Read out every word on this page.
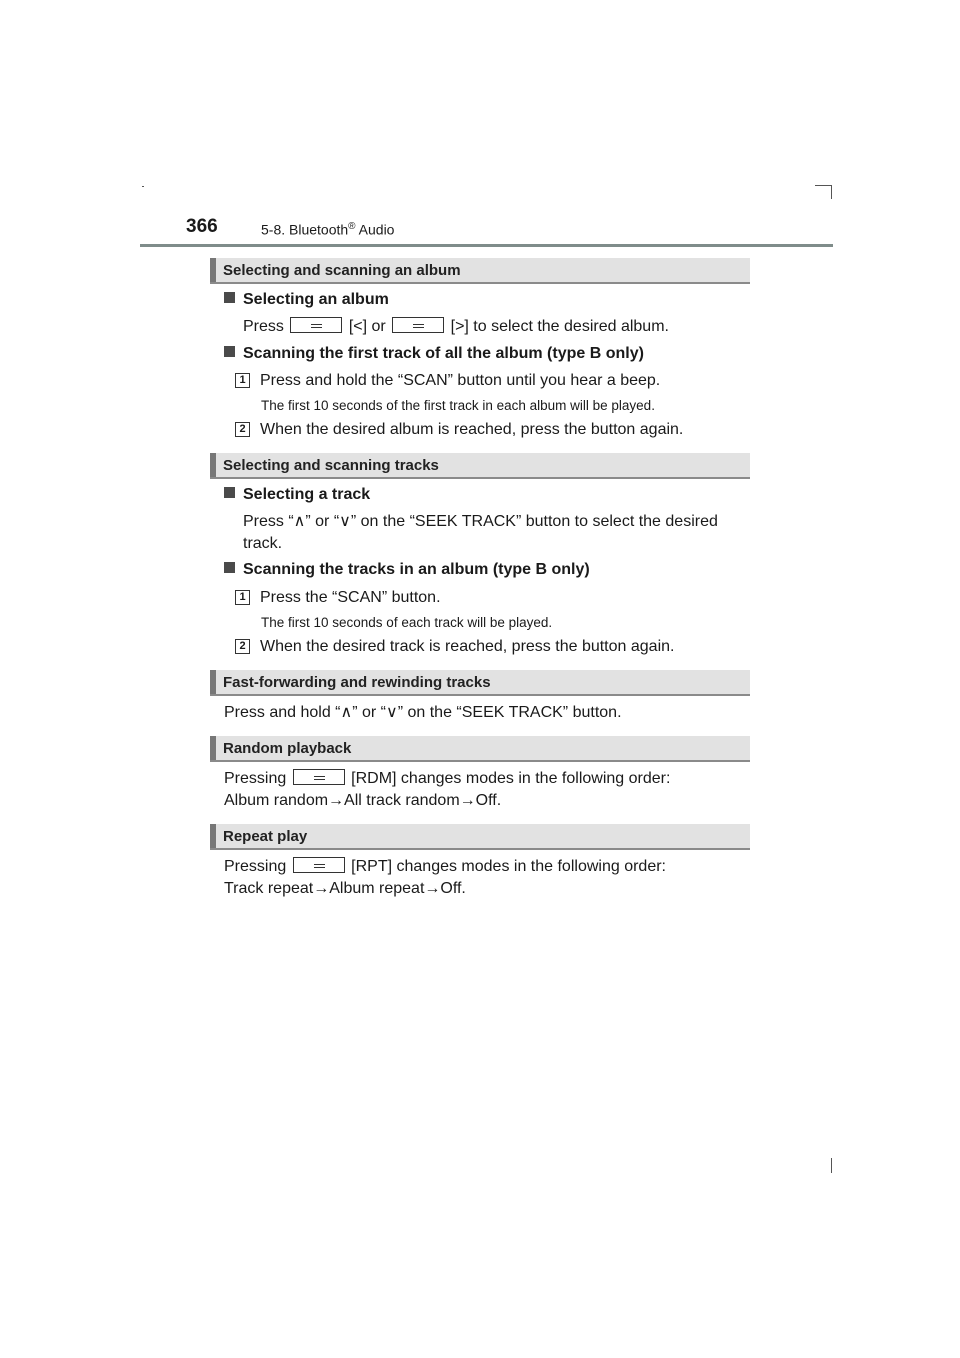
366	5-8. Bluetooth® Audio
Selecting and scanning an album
Selecting an album
Press	[<] or	[>] to select the desired album.
Scanning the first track of all the album (type B only)
1 Press and hold the “SCAN” button until you hear a beep.
The first 10 seconds of the first track in each album will be played.
2 When the desired album is reached, press the button again.
Selecting and scanning tracks
Selecting a track
Press “∧” or “∨” on the “SEEK TRACK” button to select the desired
track.
Scanning the tracks in an album (type B only)
1 Press the “SCAN” button.
The first 10 seconds of each track will be played.
2 When the desired track is reached, press the button again.
Fast-forwarding and rewinding tracks
Press and hold “∧” or “∨” on the “SEEK TRACK” button.
Random playback
Pressing	[RDM] changes modes in the following order:
Album random→All track random→Off.
Repeat play
Pressing	[RPT] changes modes in the following order:
Track repeat→Album repeat→Off.
